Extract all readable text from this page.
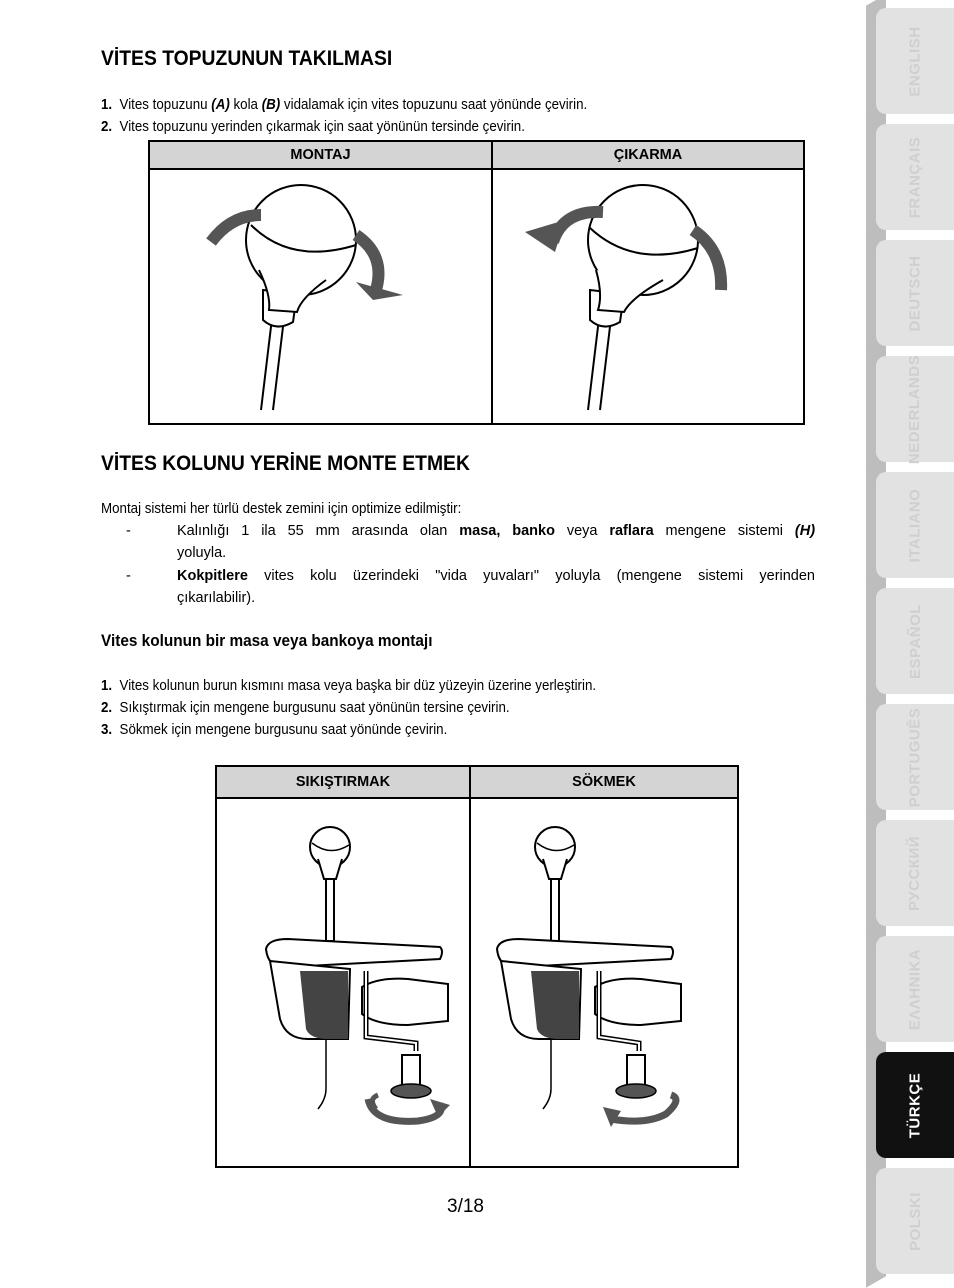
VİTES TOPUZUNUN TAKILMASI
1. Vites topuzunu (A) kola (B) vidalamak için vites topuzunu saat yönünde çevirin.
2. Vites topuzunu yerinden çıkarmak için saat yönünün tersinde çevirin.
MONTAJ	ÇIKARMA

VİTES KOLUNU YERİNE MONTE ETMEK
Montaj sistemi her türlü destek zemini için optimize edilmiştir:
-	Kalınlığı 1 ila 55 mm arasında olan masa, banko veya raflara mengene sistemi (H)
yoluyla.
-	Kokpitlere vites kolu üzerindeki "vida yuvaları" yoluyla (mengene sistemi yerinden
çıkarılabilir).
Vites kolunun bir masa veya bankoya montajı
1. Vites kolunun burun kısmını masa veya başka bir düz yüzeyin üzerine yerleştirin.
2. Sıkıştırmak için mengene burgusunu saat yönünün tersine çevirin.
3. Sökmek için mengene burgusunu saat yönünde çevirin.
SIKIŞTIRMAK	SÖKMEK

3/18
ENGLISH
FRANÇAIS
DEUTSCH
NEDERLANDS
ITALIANO
ESPAÑOL
PORTUGUÊS
РУССКИЙ
ΕΛΛΗΝΙΚΑ
TÜRKÇE
POLSKI
